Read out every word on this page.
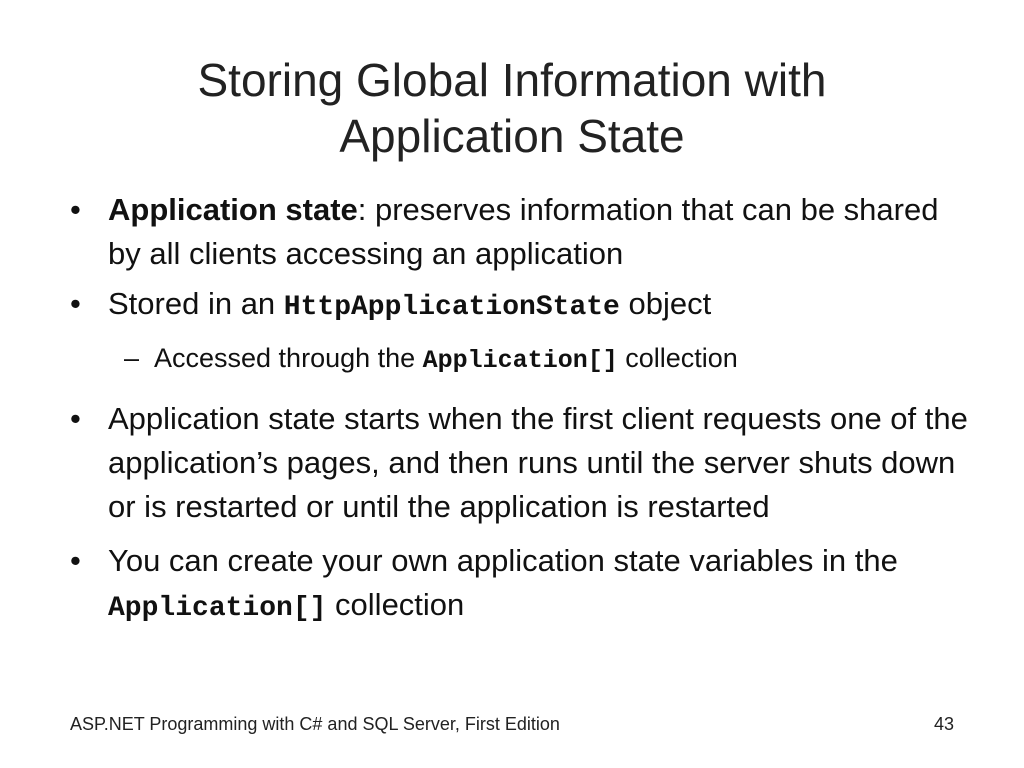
Storing Global Information with
Application State
• Application state: preserves information that can be shared by all clients accessing an application
• Stored in an HttpApplicationState object
– Accessed through the Application[] collection
• Application state starts when the first client requests one of the application’s pages, and then runs until the server shuts down or is restarted or until the application is restarted
• You can create your own application state variables in the Application[] collection
ASP.NET Programming with C# and SQL Server, First Edition	43
